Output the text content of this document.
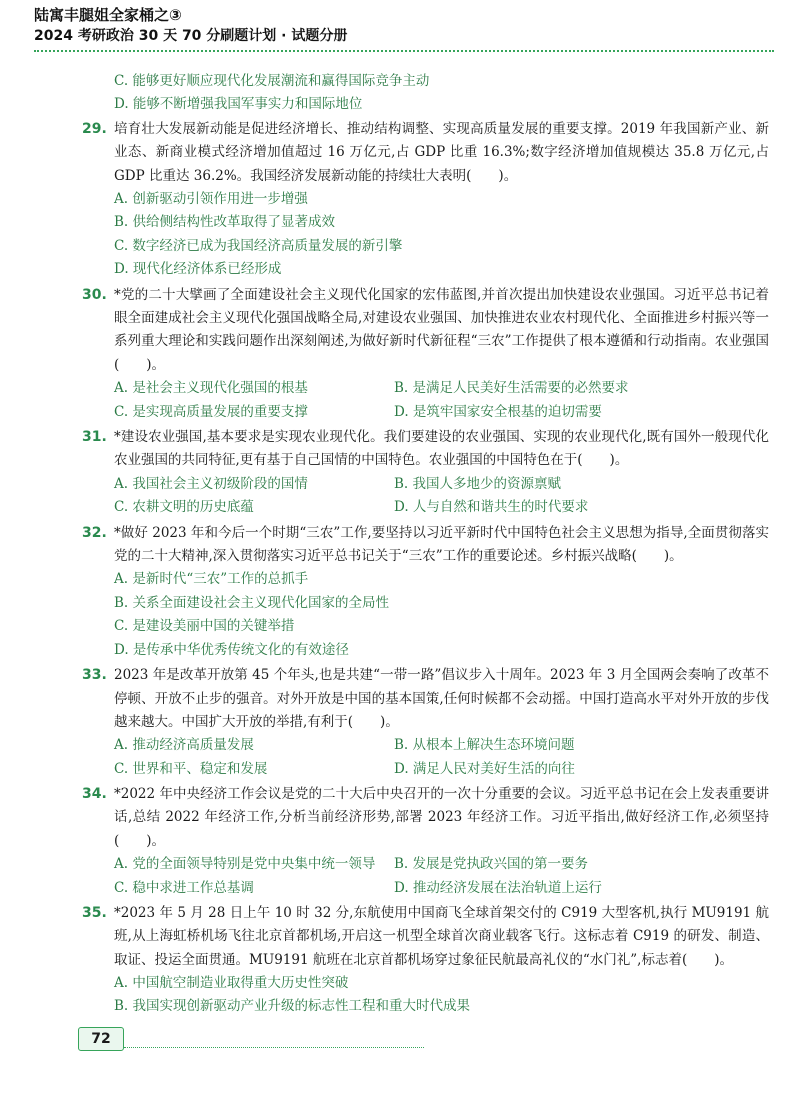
陆寓丰腿姐全家桶之③
2024 考研政治 30 天 70 分刷题计划 · 试题分册
C. 能够更好顺应现代化发展潮流和赢得国际竞争主动
D. 能够不断增强我国军事实力和国际地位
29. 培育壮大发展新动能是促进经济增长、推动结构调整、实现高质量发展的重要支撑。2019 年我国新产业、新业态、新商业模式经济增加值超过 16 万亿元,占 GDP 比重 16.3%;数字经济增加值规模达 35.8 万亿元,占 GDP 比重达 36.2%。我国经济发展新动能的持续壮大表明(　　)。
A. 创新驱动引领作用进一步增强
B. 供给侧结构性改革取得了显著成效
C. 数字经济已成为我国经济高质量发展的新引擎
D. 现代化经济体系已经形成
30. *党的二十大擘画了全面建设社会主义现代化国家的宏伟蓝图,并首次提出加快建设农业强国。习近平总书记着眼全面建成社会主义现代化强国战略全局,对建设农业强国、加快推进农业农村现代化、全面推进乡村振兴等一系列重大理论和实践问题作出深刻阐述,为做好新时代新征程“三农”工作提供了根本遵循和行动指南。农业强国(　　)。
A. 是社会主义现代化强国的根基	B. 是满足人民美好生活需要的必然要求
C. 是实现高质量发展的重要支撑	D. 是筑牢国家安全根基的迫切需要
31. *建设农业强国,基本要求是实现农业现代化。我们要建设的农业强国、实现的农业现代化,既有国外一般现代化农业强国的共同特征,更有基于自己国情的中国特色。农业强国的中国特色在于(　　)。
A. 我国社会主义初级阶段的国情	B. 我国人多地少的资源禀赋
C. 农耕文明的历史底蕴	D. 人与自然和谐共生的时代要求
32. *做好 2023 年和今后一个时期“三农”工作,要坚持以习近平新时代中国特色社会主义思想为指导,全面贯彻落实党的二十大精神,深入贯彻落实习近平总书记关于“三农”工作的重要论述。乡村振兴战略(　　)。
A. 是新时代“三农”工作的总抓手
B. 关系全面建设社会主义现代化国家的全局性
C. 是建设美丽中国的关键举措
D. 是传承中华优秀传统文化的有效途径
33. 2023 年是改革开放第 45 个年头,也是共建“一带一路”倡议步入十周年。2023 年 3 月全国两会奏响了改革不停顿、开放不止步的强音。对外开放是中国的基本国策,任何时候都不会动摇。中国打造高水平对外开放的步伐越来越大。中国扩大开放的举措,有利于(　　)。
A. 推动经济高质量发展	B. 从根本上解决生态环境问题
C. 世界和平、稳定和发展	D. 满足人民对美好生活的向往
34. *2022 年中央经济工作会议是党的二十大后中央召开的一次十分重要的会议。习近平总书记在会上发表重要讲话,总结 2022 年经济工作,分析当前经济形势,部署 2023 年经济工作。习近平指出,做好经济工作,必须坚持(　　)。
A. 党的全面领导特别是党中央集中统一领导	B. 发展是党执政兴国的第一要务
C. 稳中求进工作总基调	D. 推动经济发展在法治轨道上运行
35. *2023 年 5 月 28 日上午 10 时 32 分,东航使用中国商飞全球首架交付的 C919 大型客机,执行 MU9191 航班,从上海虹桥机场飞往北京首都机场,开启这一机型全球首次商业载客飞行。这标志着 C919 的研发、制造、取证、投运全面贯通。MU9191 航班在北京首都机场穿过象征民航最高礼仪的“水门礼”,标志着(　　)。
A. 中国航空制造业取得重大历史性突破
B. 我国实现创新驱动产业升级的标志性工程和重大时代成果
72
